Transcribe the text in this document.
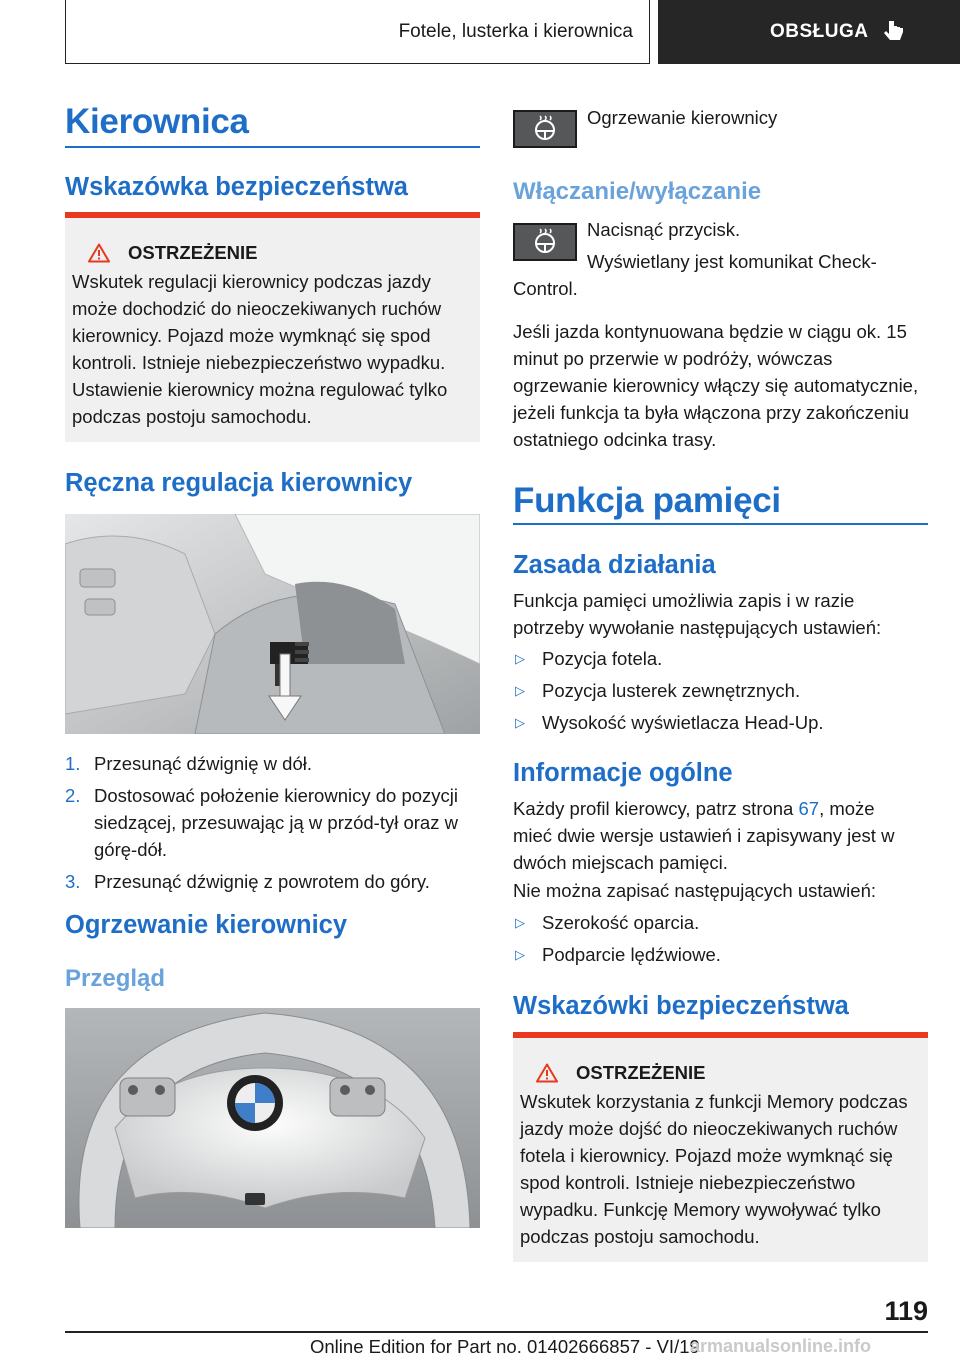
Fotele, lusterka i kierownica	OBSŁUGA
Kierownica
Wskazówka bezpieczeństwa
OSTRZEŻENIE
Wskutek regulacji kierownicy podczas jazdy może dochodzić do nieoczekiwanych ruchów kierownicy. Pojazd może wymknąć się spod kontroli. Istnieje niebezpieczeństwo wypadku. Ustawienie kierownicy można regulować tylko podczas postoju samochodu.
Ręczna regulacja kierownicy
1. Przesunąć dźwignię w dół.
2. Dostosować położenie kierownicy do pozycji siedzącej, przesuwając ją w przód-tył oraz w górę-dół.
3. Przesunąć dźwignię z powrotem do góry.
Ogrzewanie kierownicy
Przegląd
Ogrzewanie kierownicy
Włączanie/wyłączanie
Nacisnąć przycisk.
Wyświetlany jest komunikat Check-Control.
Jeśli jazda kontynuowana będzie w ciągu ok. 15 minut po przerwie w podróży, wówczas ogrzewanie kierownicy włączy się automatycznie, jeżeli funkcja ta była włączona przy zakończeniu ostatniego odcinka trasy.
Funkcja pamięci
Zasada działania
Funkcja pamięci umożliwia zapis i w razie potrzeby wywołanie następujących ustawień:
▷ Pozycja fotela.
▷ Pozycja lusterek zewnętrznych.
▷ Wysokość wyświetlacza Head-Up.
Informacje ogólne
Każdy profil kierowcy, patrz strona 67, może mieć dwie wersje ustawień i zapisywany jest w dwóch miejscach pamięci.
Nie można zapisać następujących ustawień:
▷ Szerokość oparcia.
▷ Podparcie lędźwiowe.
Wskazówki bezpieczeństwa
OSTRZEŻENIE
Wskutek korzystania z funkcji Memory podczas jazdy może dojść do nieoczekiwanych ruchów fotela i kierownicy. Pojazd może wymknąć się spod kontroli. Istnieje niebezpieczeństwo wypadku. Funkcję Memory wywoływać tylko podczas postoju samochodu.
119
Online Edition for Part no. 01402666857 - VI/19
armanualsonline.info
